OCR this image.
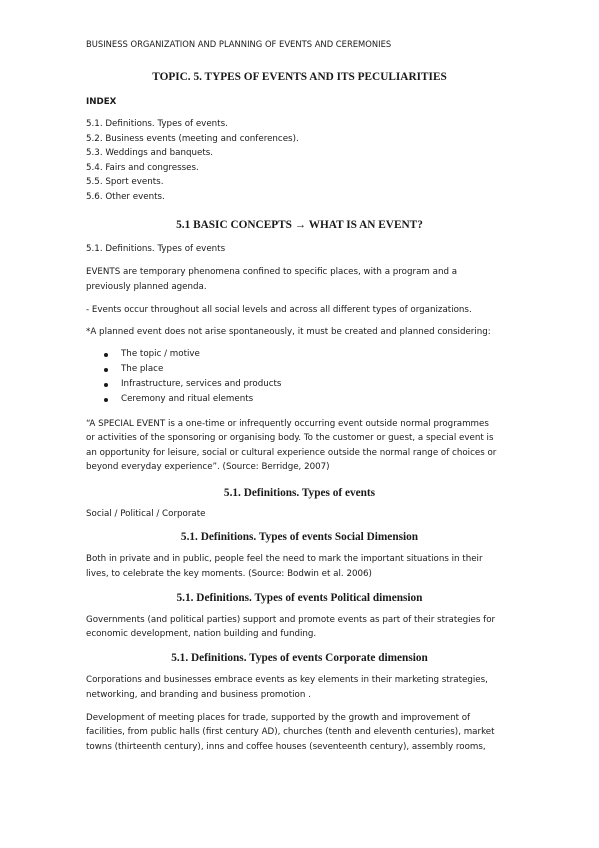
BUSINESS ORGANIZATION AND PLANNING OF EVENTS AND CEREMONIES

TOPIC. 5. TYPES OF EVENTS AND ITS PECULIARITIES

INDEX

5.1. Definitions. Types of events.

5.2. Business events (meeting and conferences).

5.3. Weddings and banquets.

5.4. Fairs and congresses.

5.5. Sport events.

5.6. Other events.

5.1 BASIC CONCEPTS → WHAT IS AN EVENT?

5.1. Definitions. Types of events

EVENTS are temporary phenomena confined to specific places, with a program and a

previously planned agenda.

- Events occur throughout all social levels and across all different types of organizations.

*A planned event does not arise spontaneously, it must be created and planned considering:

The topic / motive
The place
Infrastructure, services and products
Ceremony and ritual elements

“A SPECIAL EVENT is a one-time or infrequently occurring event outside normal programmes

or activities of the sponsoring or organising body. To the customer or guest, a special event is

an opportunity for leisure, social or cultural experience outside the normal range of choices or

beyond everyday experience”. (Source: Berridge, 2007)

5.1. Definitions. Types of events

Social / Political / Corporate

5.1. Definitions. Types of events Social Dimension

Both in private and in public, people feel the need to mark the important situations in their

lives, to celebrate the key moments. (Source: Bodwin et al. 2006)

5.1. Definitions. Types of events Political dimension

Governments (and political parties) support and promote events as part of their strategies for

economic development, nation building and funding.

5.1. Definitions. Types of events Corporate dimension

Corporations and businesses embrace events as key elements in their marketing strategies,

networking, and branding and business promotion .

Development of meeting places for trade, supported by the growth and improvement of

facilities, from public halls (first century AD), churches (tenth and eleventh centuries), market

towns (thirteenth century), inns and coffee houses (seventeenth century), assembly rooms,
